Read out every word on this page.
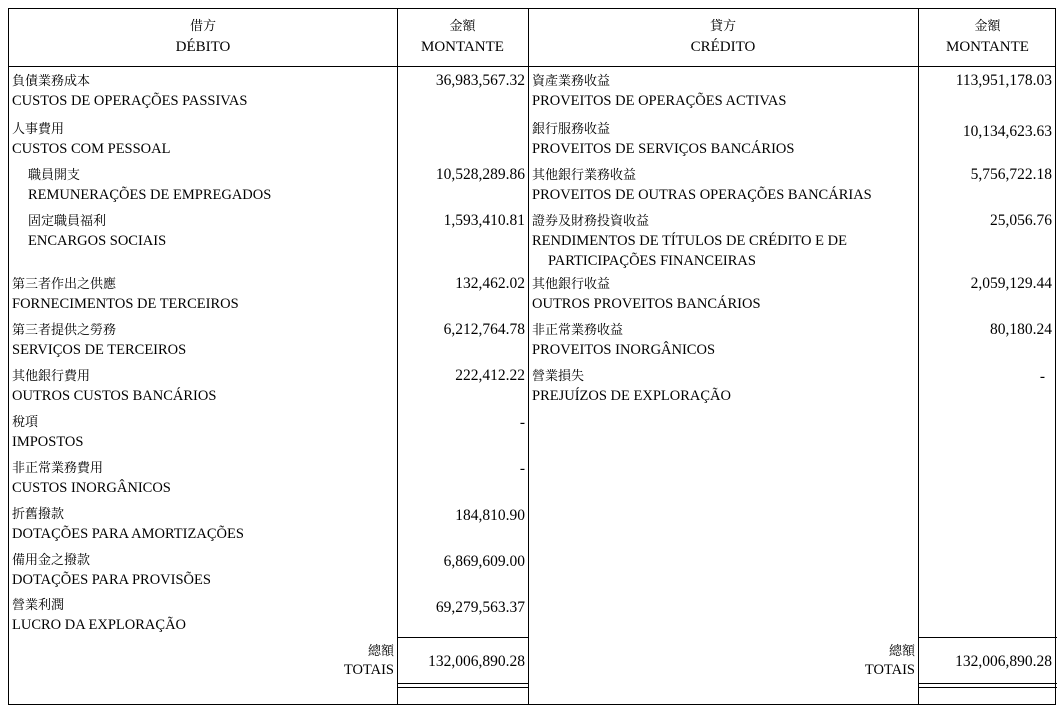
借方
DÉBITO
金額
MONTANTE
貸方
CRÉDITO
金額
MONTANTE
負債業務成本
CUSTOS DE OPERAÇÕES PASSIVAS
36,983,567.32
人事費用
CUSTOS COM PESSOAL
職員開支
REMUNERAÇÕES DE EMPREGADOS
10,528,289.86
固定職員福利
ENCARGOS SOCIAIS
1,593,410.81
第三者作出之供應
FORNECIMENTOS DE TERCEIROS
132,462.02
第三者提供之勞務
SERVIÇOS DE TERCEIROS
6,212,764.78
其他銀行費用
OUTROS CUSTOS BANCÁRIOS
222,412.22
稅項
IMPOSTOS
-
非正常業務費用
CUSTOS INORGÂNICOS
-
折舊撥款
DOTAÇÕES PARA AMORTIZAÇÕES
184,810.90
備用金之撥款
DOTAÇÕES PARA PROVISÕES
6,869,609.00
營業利潤
LUCRO DA EXPLORAÇÃO
69,279,563.37
資產業務收益
PROVEITOS DE OPERAÇÕES ACTIVAS
113,951,178.03
銀行服務收益
PROVEITOS DE SERVIÇOS BANCÁRIOS
10,134,623.63
其他銀行業務收益
PROVEITOS DE OUTRAS OPERAÇÕES BANCÁRIAS
5,756,722.18
證券及財務投資收益
RENDIMENTOS DE TÍTULOS DE CRÉDITO E DE
PARTICIPAÇÕES FINANCEIRAS
25,056.76
其他銀行收益
OUTROS PROVEITOS BANCÁRIOS
2,059,129.44
非正常業務收益
PROVEITOS INORGÂNICOS
80,180.24
營業損失
PREJUÍZOS DE EXPLORAÇÃO
-
總額
TOTAIS 132,006,890.28
總額
TOTAIS	132,006,890.28
